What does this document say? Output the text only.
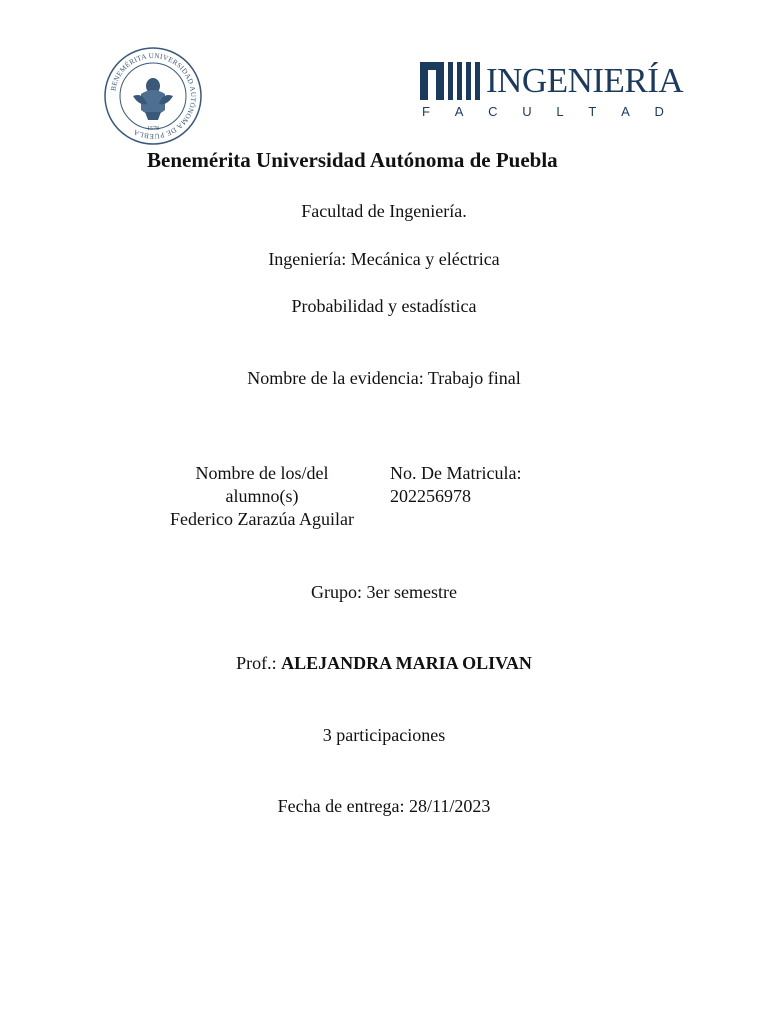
BENEMÉRITA UNIVERSIDAD AUTÓNOMA DE PUEBLA	1578
INGENIERÍA
F A C U L T A D
Benemérita Universidad Autónoma de Puebla
Facultad de Ingeniería.
Ingeniería: Mecánica y eléctrica
Probabilidad y estadística
Nombre de la evidencia: Trabajo final
Nombre de los/del
alumno(s)
Federico Zarazúa Aguilar
No. De Matricula:
202256978
Grupo: 3er semestre
Prof.: ALEJANDRA MARIA OLIVAN
3 participaciones
Fecha de entrega: 28/11/2023
